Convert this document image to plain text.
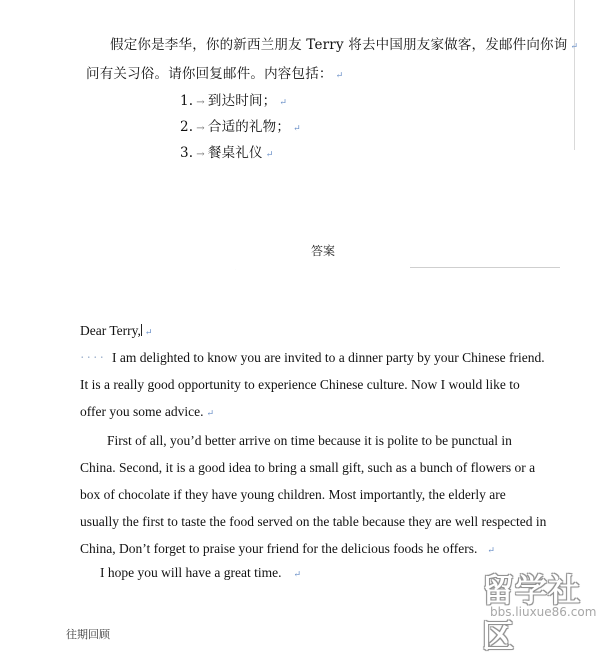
假定你是李华，你的新西兰朋友 Terry 将去中国朋友家做客，发邮件向你询 ↵

问有关习俗。请你回复邮件。内容包括： ↵

1. → 到达时间； ↵

2. → 合适的礼物； ↵

3. → 餐桌礼仪 ↵

答案

Dear Terry, ↵

···· I am delighted to know you are invited to a dinner party by your Chinese friend.

It is a really good opportunity to experience Chinese culture. Now I would like to

offer you some advice. ↵

First of all, you’d better arrive on time because it is polite to be punctual in

China. Second, it is a good idea to bring a small gift, such as a bunch of flowers or a

box of chocolate if they have young children. Most importantly, the elderly are

usually the first to taste the food served on the table because they are well respected in

China, Don’t forget to praise your friend for the delicious foods he offers. ↵

I hope you will have a great time. ↵	留学社区
bbs.liuxue86.com
往期回顾
